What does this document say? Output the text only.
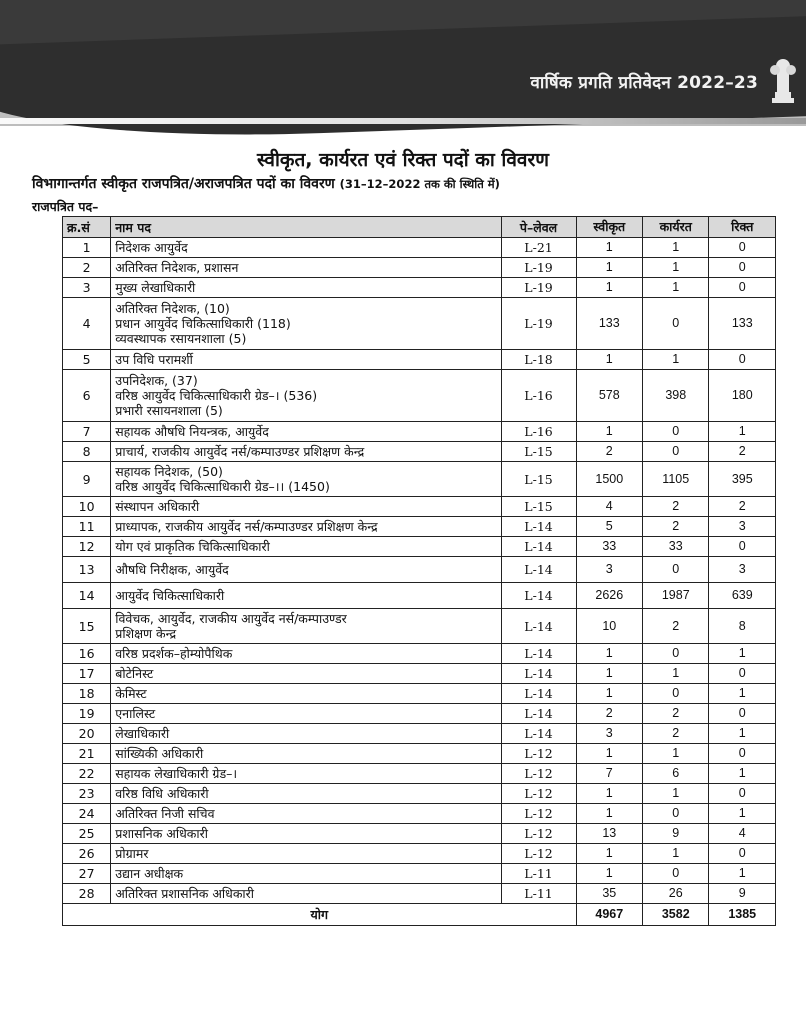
वार्षिक प्रगति प्रतिवेदन 2022–23
स्वीकृत, कार्यरत एवं रिक्त पदों का विवरण
विभागान्तर्गत स्वीकृत राजपत्रित/अराजपत्रित पदों का विवरण (31–12–2022 तक की स्थिति में)
राजपत्रित पद–
क्र.सं	नाम पद	पे–लेवल	स्वीकृत	कार्यरत	रिक्त
1	निदेशक आयुर्वेद	L-21	1	1	0
2	अतिरिक्त निदेशक, प्रशासन	L-19	1	1	0
3	मुख्य लेखाधिकारी	L-19	1	1	0
4	अतिरिक्त निदेशक, (10)
प्रधान आयुर्वेद चिकित्साधिकारी (118)
व्यवस्थापक रसायनशाला (5)	L-19	133	0	133
5	उप विधि परामर्शी	L-18	1	1	0
6	उपनिदेशक, (37)
वरिष्ठ आयुर्वेद चिकित्साधिकारी ग्रेड–। (536)
प्रभारी रसायनशाला (5)	L-16	578	398	180
7	सहायक औषधि नियन्त्रक, आयुर्वेद	L-16	1	0	1
8	प्राचार्य, राजकीय आयुर्वेद नर्स/कम्पाउण्डर प्रशिक्षण केन्द्र	L-15	2	0	2
9	सहायक निदेशक, (50)
वरिष्ठ आयुर्वेद चिकित्साधिकारी ग्रेड–।। (1450)	L-15	1500	1105	395
10	संस्थापन अधिकारी	L-15	4	2	2
11	प्राध्यापक, राजकीय आयुर्वेद नर्स/कम्पाउण्डर प्रशिक्षण केन्द्र	L-14	5	2	3
12	योग एवं प्राकृतिक चिकित्साधिकारी	L-14	33	33	0
13	औषधि निरीक्षक, आयुर्वेद	L-14	3	0	3
14	आयुर्वेद चिकित्साधिकारी	L-14	2626	1987	639
15	विवेचक, आयुर्वेद, राजकीय आयुर्वेद नर्स/कम्पाउण्डर
प्रशिक्षण केन्द्र	L-14	10	2	8
16	वरिष्ठ प्रदर्शक–होम्योपैथिक	L-14	1	0	1
17	बोटेनिस्ट	L-14	1	1	0
18	केमिस्ट	L-14	1	0	1
19	एनालिस्ट	L-14	2	2	0
20	लेखाधिकारी	L-14	3	2	1
21	सांख्यिकी अधिकारी	L-12	1	1	0
22	सहायक लेखाधिकारी ग्रेड–।	L-12	7	6	1
23	वरिष्ठ विधि अधिकारी	L-12	1	1	0
24	अतिरिक्त निजी सचिव	L-12	1	0	1
25	प्रशासनिक अधिकारी	L-12	13	9	4
26	प्रोग्रामर	L-12	1	1	0
27	उद्यान अधीक्षक	L-11	1	0	1
28	अतिरिक्त प्रशासनिक अधिकारी	L-11	35	26	9
योग			4967	3582	1385
